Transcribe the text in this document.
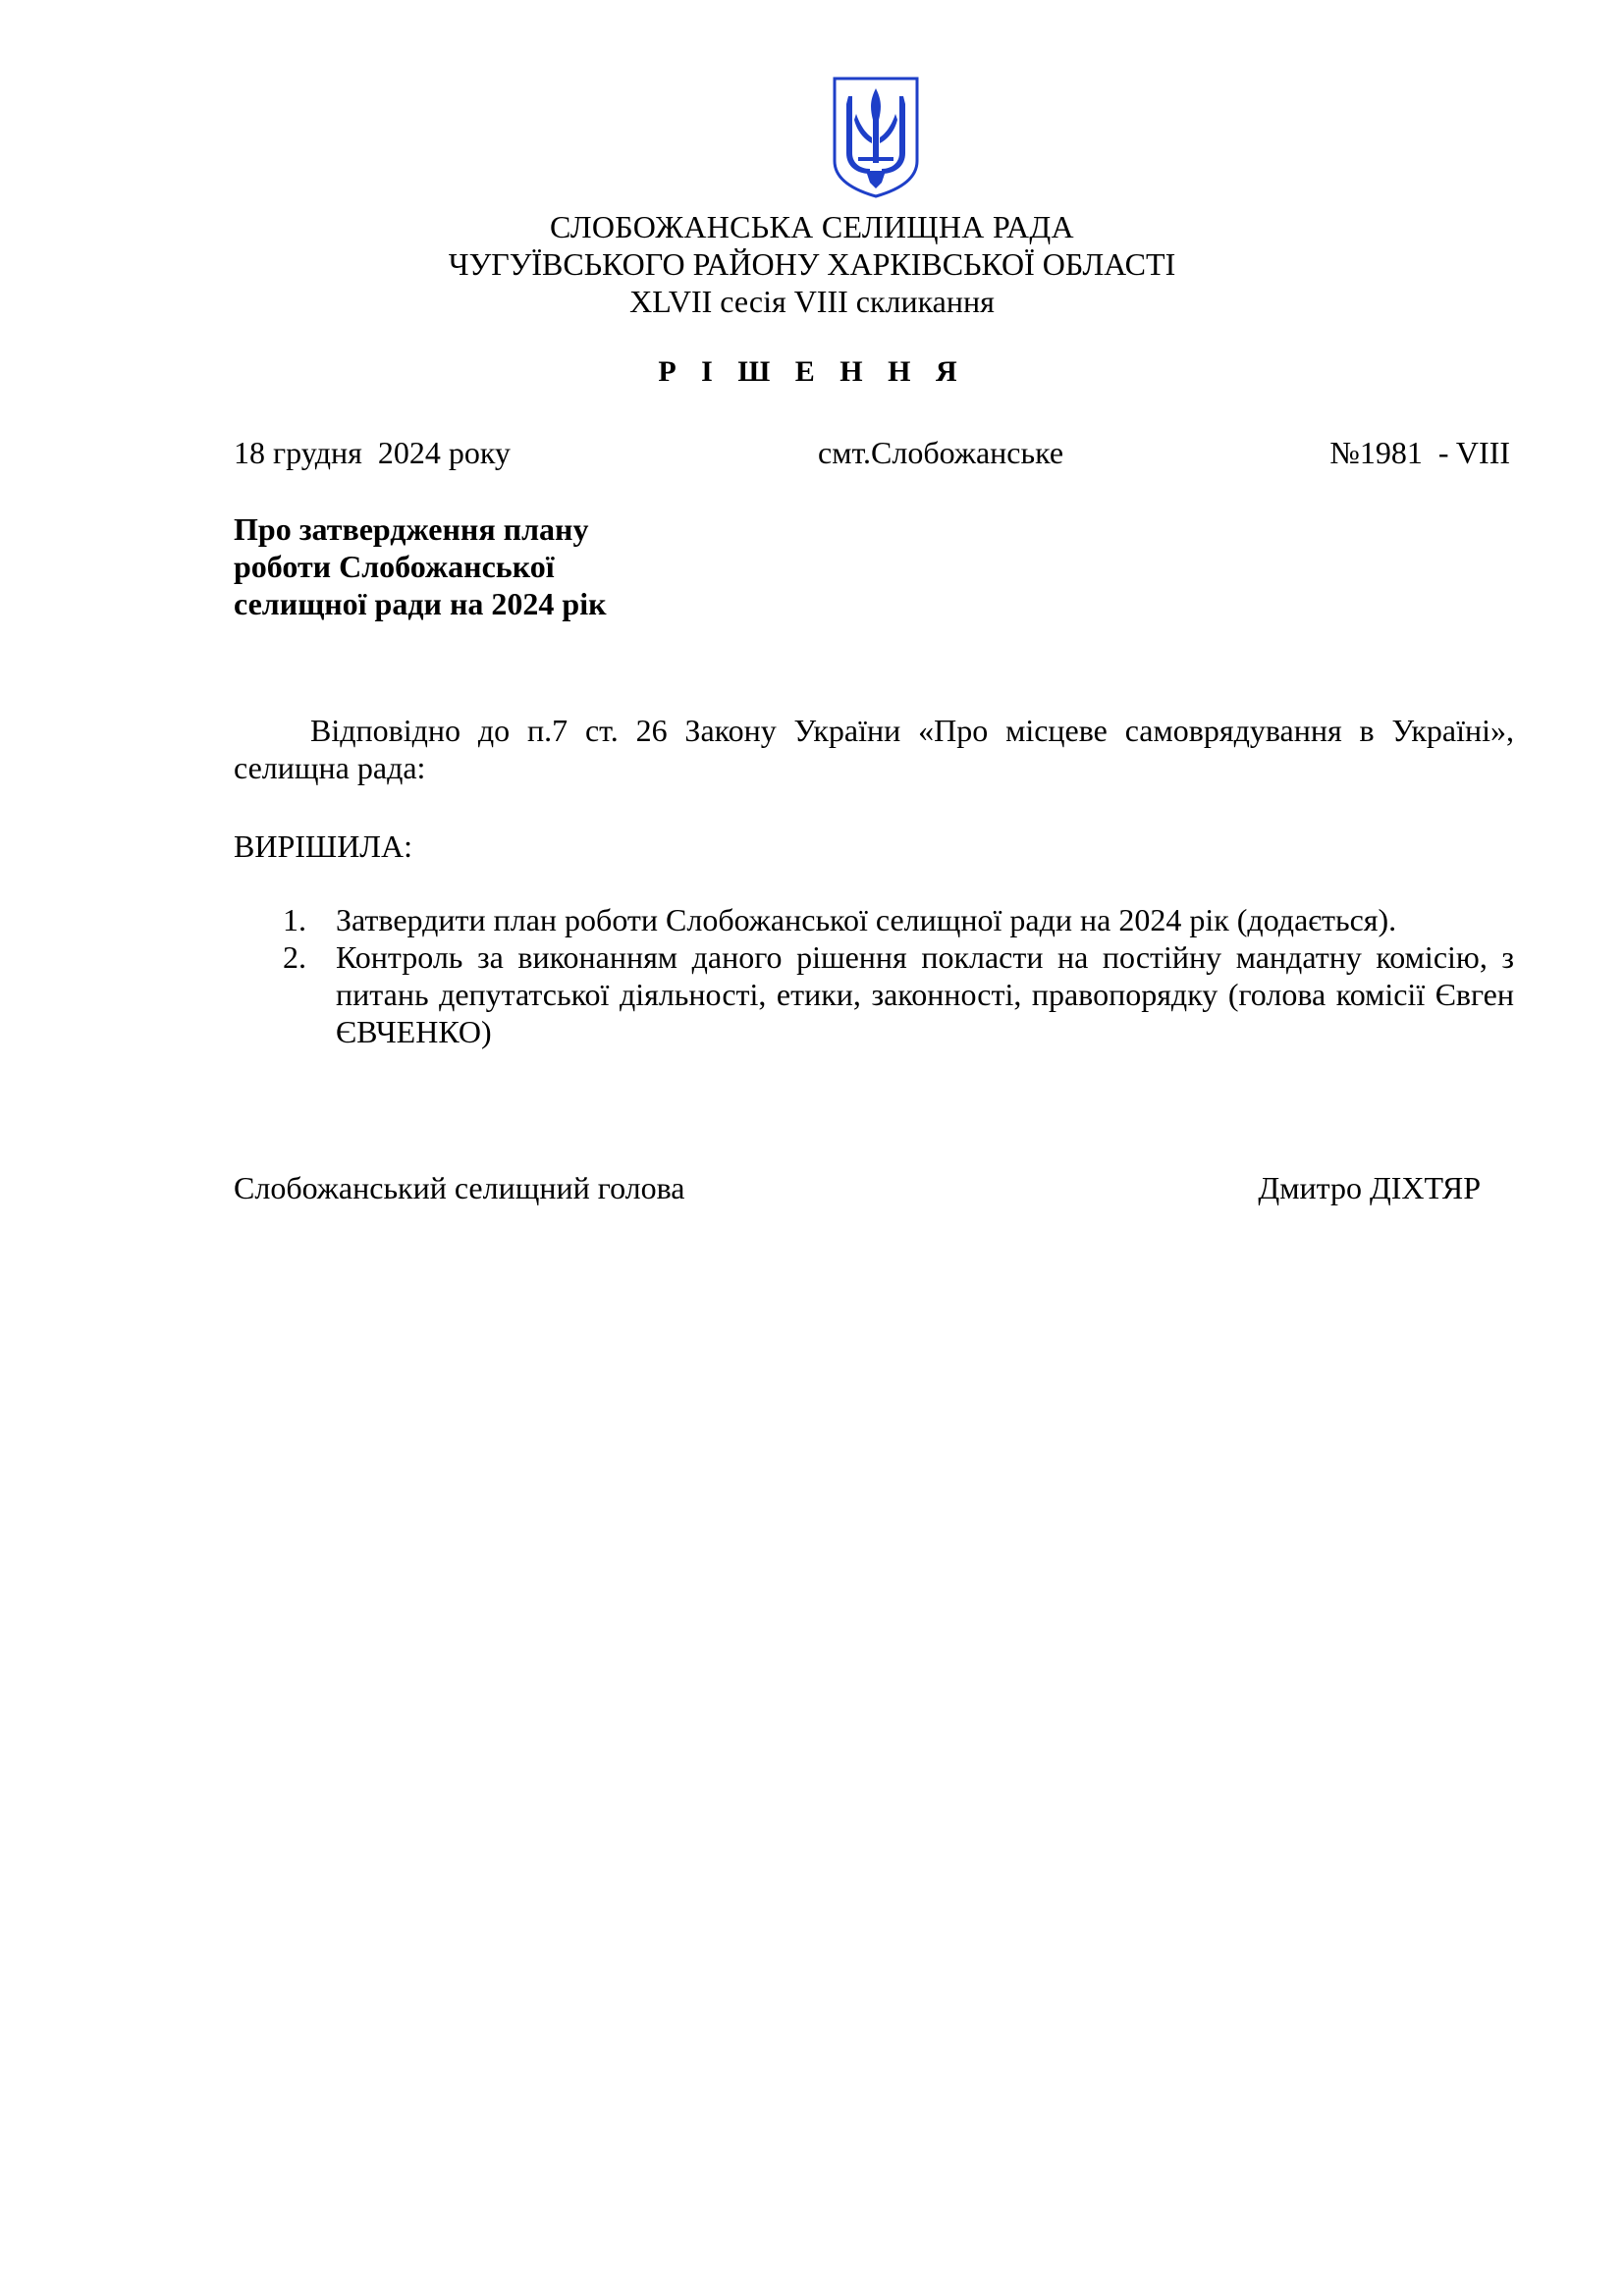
СЛОБОЖАНСЬКА СЕЛИЩНА РАДА
ЧУГУЇВСЬКОГО РАЙОНУ ХАРКІВСЬКОЇ ОБЛАСТІ
XLVII сесія VIII скликання
Р І Ш Е Н Н Я
18 грудня  2024 року	смт.Слобожанське	№1981  - VIII
Про затвердження плану
роботи Слобожанської
селищної ради на 2024 рік
Відповідно до п.7 ст. 26 Закону України «Про місцеве самоврядування в Україні», селищна рада:
ВИРІШИЛА:
1. Затвердити план роботи Слобожанської селищної ради на 2024 рік (додається).
2. Контроль за виконанням даного рішення покласти на постійну мандатну комісію, з питань депутатської діяльності, етики, законності, правопорядку (голова комісії Євген ЄВЧЕНКО)
Слобожанський селищний голова	Дмитро ДІХТЯР
